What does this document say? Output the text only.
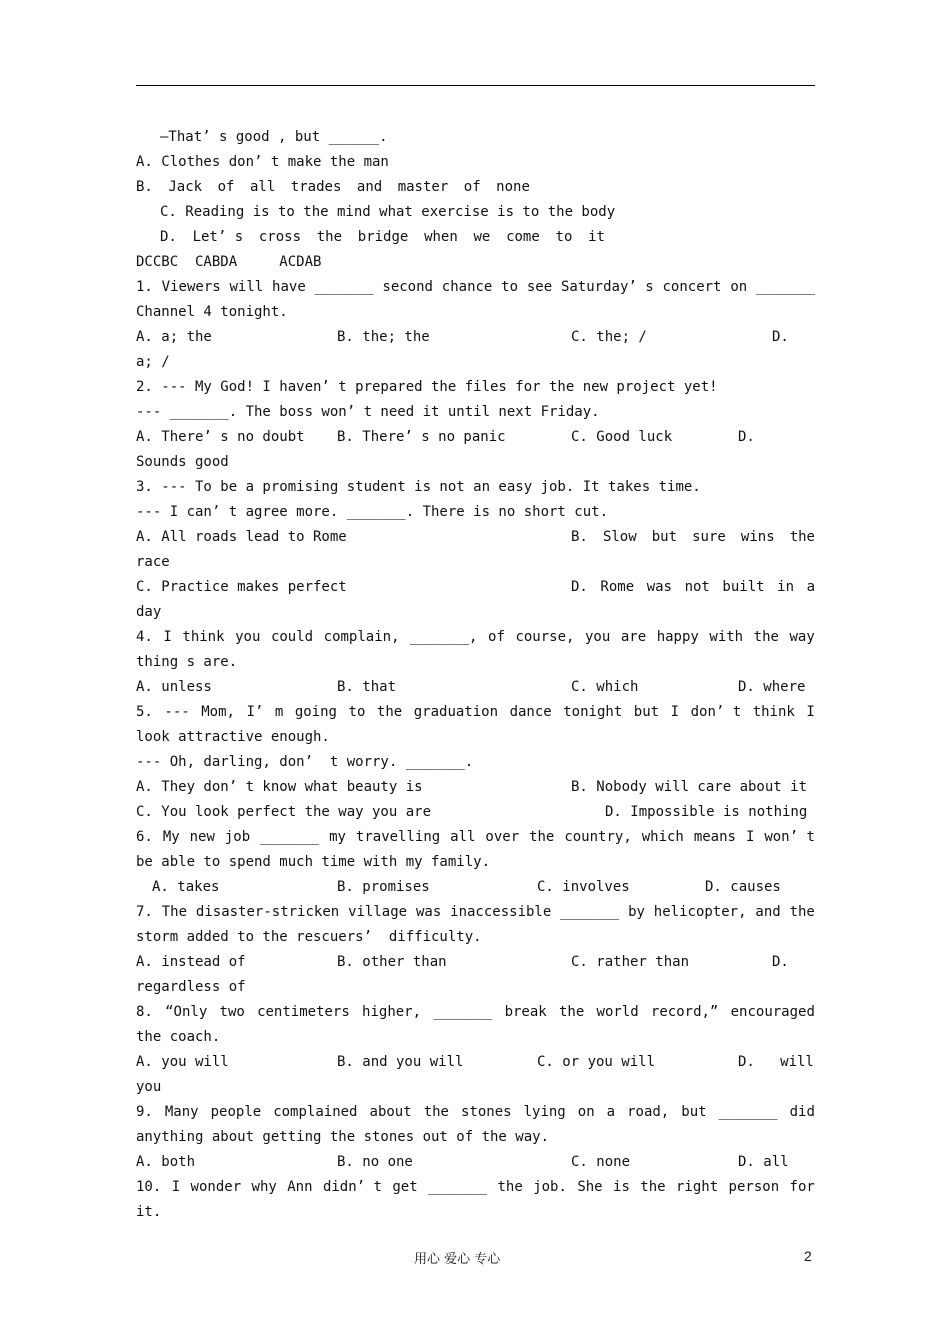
—That’ s good , but ______.
A. Clothes don’ t make the man
B. Jack of all trades and master of none
C. Reading is to the mind what exercise is to the body
D. Let’ s cross the bridge when we come to it
DCCBC  CABDA     ACDAB
1. Viewers will have _______ second chance to see Saturday’ s concert on _______
Channel 4 tonight.

A. a; the

	B. the; the

	C. the; /

	D.

a; /
2. --- My God! I haven’ t prepared the files for the new project yet!
--- _______. The boss won’ t need it until next Friday.

A. There’ s no doubt

B. There’ s no panic

	C. Good luck

	D.

Sounds good
3. --- To be a promising student is not an easy job. It takes time.
--- I can’ t agree more. _______. There is no short cut.

A. All roads lead to Rome

	B. Slow but sure wins the

race

C. Practice makes perfect

	D. Rome was not built in a

day
4. I think you could complain, _______, of course, you are happy with the way
thing s are.

A. unless

	B. that

	C. which

	D. where

5. --- Mom, I’ m going to the graduation dance tonight but I don’ t think I
look attractive enough.
--- Oh, darling, don’  t worry. _______.

A. They don’ t know what beauty is

	B. Nobody will care about it

C. You look perfect the way you are

	D. Impossible is nothing

6. My new job _______ my travelling all over the country, which means I won’ t
be able to spend much time with my family.

A. takes

	B. promises

	C. involves

	D. causes

7. The disaster-stricken village was inaccessible _______ by helicopter, and the
storm added to the rescuers’  difficulty.

A. instead of

	B. other than

	C. rather than

	D.

regardless of
8. “Only two centimeters higher, _______ break the world record,” encouraged
the coach.

A. you will

	B. and you will

	C. or you will

	D.   will

you
9. Many people complained about the stones lying on a road, but _______ did
anything about getting the stones out of the way.

A. both

	B. no one

	C. none

	D. all

10. I wonder why Ann didn’ t get _______ the job. She is the right person for
it.
用心 爱心 专心	2
